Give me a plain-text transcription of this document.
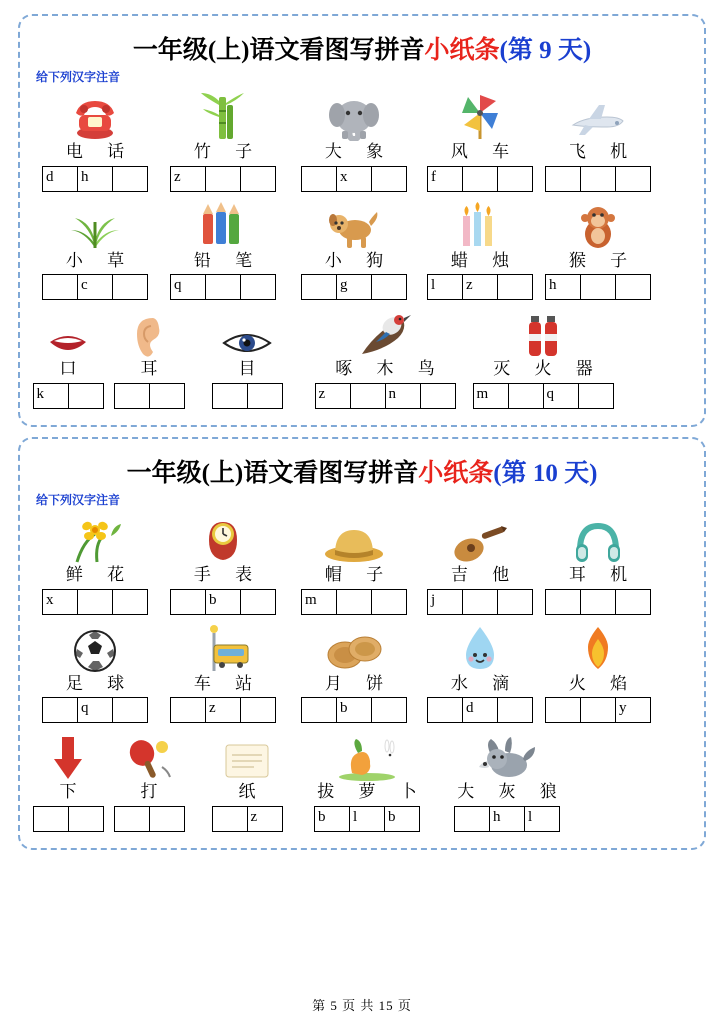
一年级(上)语文看图写拼音小纸条(第 9 天)
给下列汉字注音
电 话
d h
竹 子
z
大 象
x
风 车
f
飞 机
小 草
c
铅 笔
q
小 狗
g
蜡 烛
l z
猴 子
h
口
k
耳	目	啄 木 鸟
z	n
灭 火 器
m	q
一年级(上)语文看图写拼音小纸条(第 10 天)
给下列汉字注音
鲜 花
x
手 表
b
帽 子
m
吉 他
j
耳 机
足 球
q
车 站
z
月 饼
b
水 滴
d
火 焰
y
下	打	纸
z
拔 萝 卜
b l b
大 灰 狼
h l
第 5 页 共 15 页
